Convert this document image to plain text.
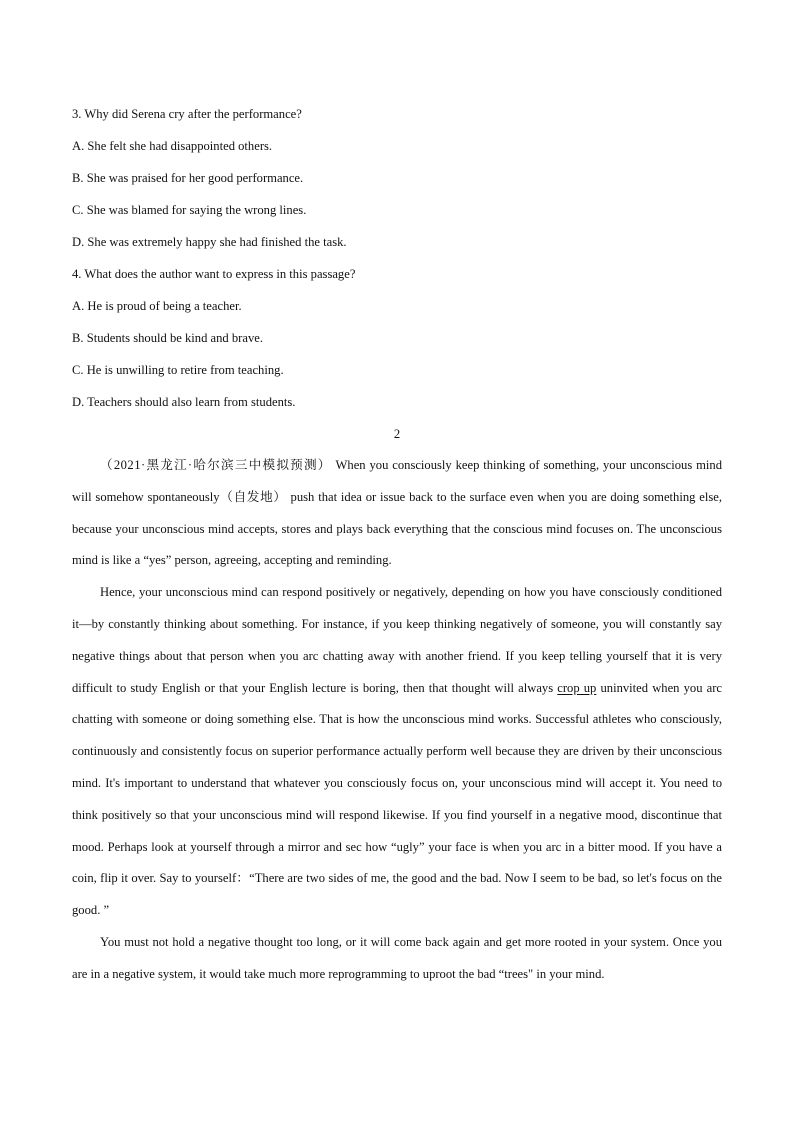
3. Why did Serena cry after the performance?
A. She felt she had disappointed others.
B. She was praised for her good performance.
C. She was blamed for saying the wrong lines.
D. She was extremely happy she had finished the task.
4. What does the author want to express in this passage?
A. He is proud of being a teacher.
B. Students should be kind and brave.
C. He is unwilling to retire from teaching.
D. Teachers should also learn from students.
2

（2021·黑龙江·哈尔滨三中模拟预测） When you consciously keep thinking of something, your unconscious mind will somehow spontaneously（自发地） push that idea or issue back to the surface even when you are doing something else, because your unconscious mind accepts, stores and plays back everything that the conscious mind focuses on. The unconscious mind is like a “yes” person, agreeing, accepting and reminding.

Hence, your unconscious mind can respond positively or negatively, depending on how you have consciously conditioned it—by constantly thinking about something. For instance, if you keep thinking negatively of someone, you will constantly say negative things about that person when you arc chatting away with another friend. If you keep telling yourself that it is very difficult to study English or that your English lecture is boring, then that thought will always crop up uninvited when you arc chatting with someone or doing something else. That is how the unconscious mind works. Successful athletes who consciously, continuously and consistently focus on superior performance actually perform well because they are driven by their unconscious mind. It's important to understand that whatever you consciously focus on, your unconscious mind will accept it. You need to think positively so that your unconscious mind will respond likewise. If you find yourself in a negative mood, discontinue that mood. Perhaps look at yourself through a mirror and sec how “ugly” your face is when you arc in a bitter mood. If you have a coin, flip it over. Say to yourself：“There are two sides of me, the good and the bad. Now I seem to be bad, so let's focus on the good. ”

You must not hold a negative thought too long, or it will come back again and get more rooted in your system. Once you are in a negative system, it would take much more reprogramming to uproot the bad “trees" in your mind.
